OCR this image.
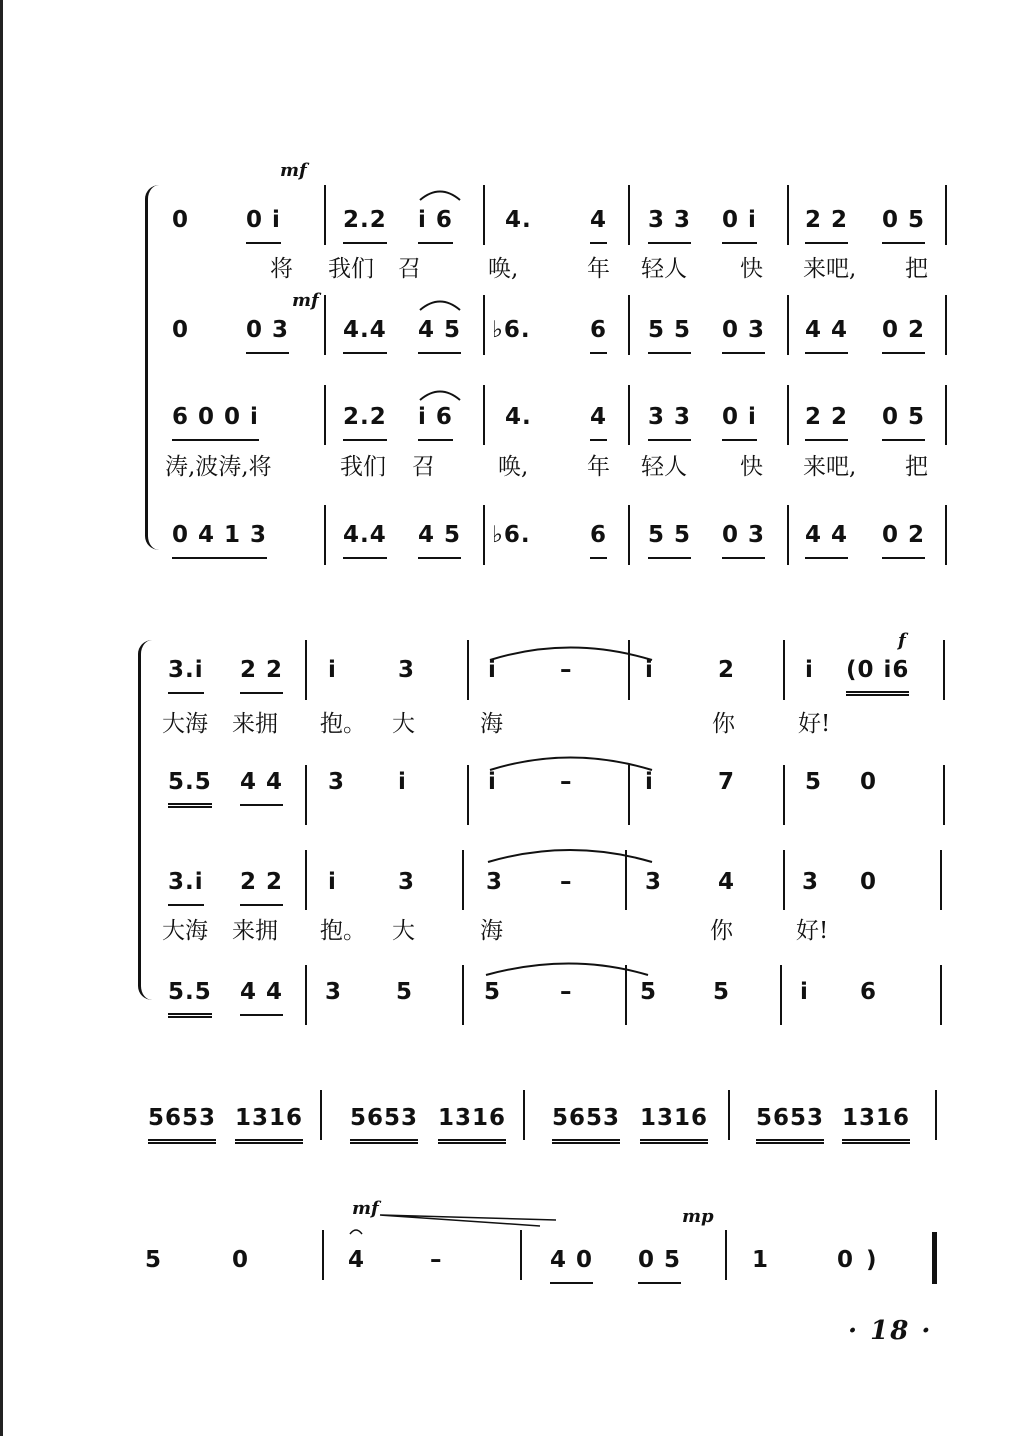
0 0 i	2.2 i 6 4.	4 3 3 0 i 2 2 0 5
将 我们 召	唤,	年 轻人 快 来吧, 把
0 0 3 4.4 4 5 ♭6.	6 5 5 0 3 4 4 0 2
6 0 0 i	2.2 i 6 4.	4 3 3 0 i 2 2 0 5
涛,波涛,将	我们 召	唤,	年 轻人 快 来吧, 把
0 4 1 3	4.4 4 5 ♭6.	6 5 5 0 3 4 4 0 2
3.i 2 2 i	3	i	–	i	2	i (0 i6
大海 来拥 抱。 大	海	你	好!
5.5 4 4 3 i	i	–	i	7	5 0
3.i 2 2 i	3	3 –	3 4	3 0
大海 来拥 抱。 大	海	你	好!
5.5 4 4 3 5	5	–	5 5	i 6
5653 1316 5653 1316 5653 1316 5653 1316
5	0	4	–	4 0 0 5	1	0 )
mf
mf
f
mf	mp
· 18 ·
